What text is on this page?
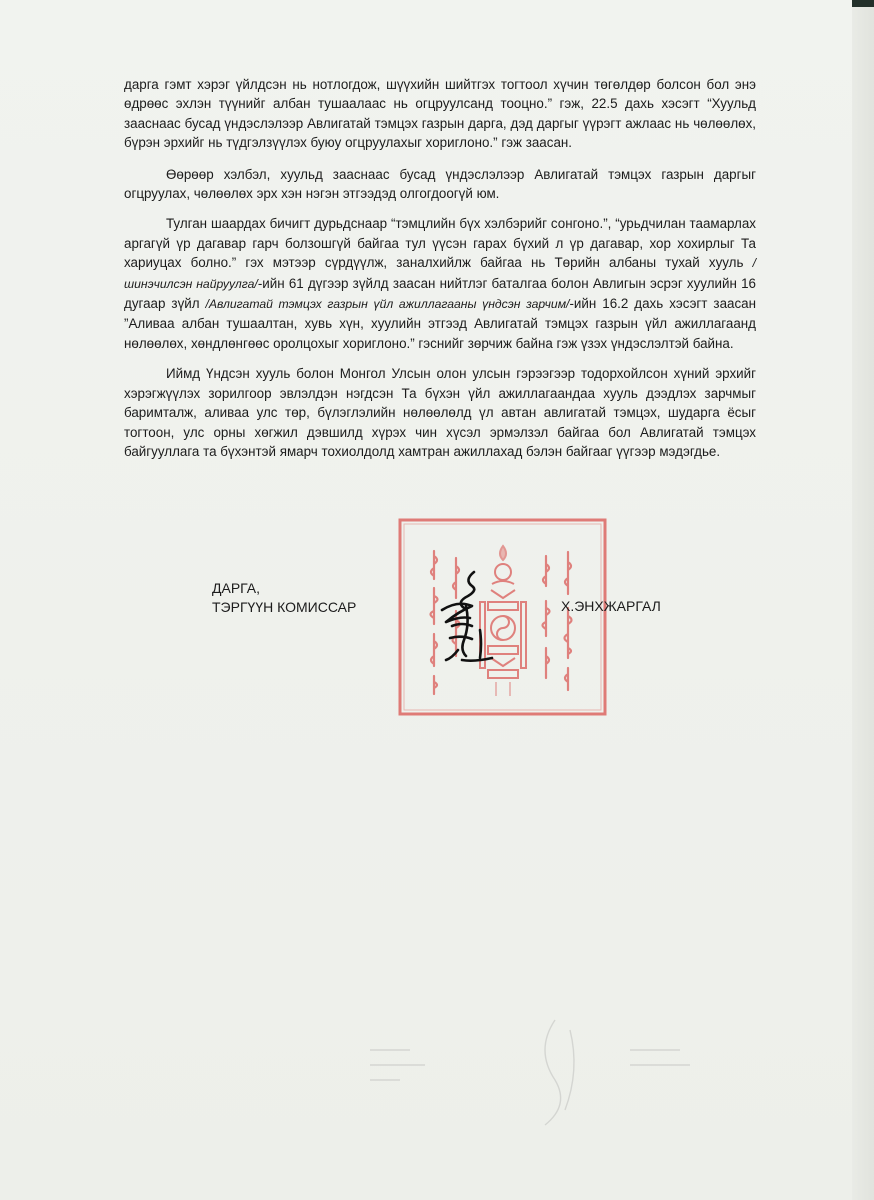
дарга гэмт хэрэг үйлдсэн нь нотлогдож, шүүхийн шийтгэх тогтоол хүчин төгөлдөр болсон бол энэ өдрөөс эхлэн түүнийг албан тушаалаас нь огцруулсанд тооцно.” гэж, 22.5 дахь хэсэгт “Хуульд зааснаас бусад үндэслэлээр Авлигатай тэмцэх газрын дарга, дэд даргыг үүрэгт ажлаас нь чөлөөлөх, бүрэн эрхийг нь түдгэлзүүлэх буюу огцруулахыг хориглоно.” гэж заасан.

Өөрөөр хэлбэл, хуульд зааснаас бусад үндэслэлээр Авлигатай тэмцэх газрын даргыг огцруулах, чөлөөлөх эрх хэн нэгэн этгээдэд олгогдоогүй юм.

Тулган шаардах бичигт дурьдснаар “тэмцлийн бүх хэлбэрийг сонгоно.”, “урьдчилан таамарлах аргагүй үр дагавар гарч болзошгүй байгаа тул үүсэн гарах бүхий л үр дагавар, хор хохирлыг Та хариуцах болно.” гэх мэтээр сүрдүүлж, заналхийлж байгаа нь Төрийн албаны тухай хууль /шинэчилсэн найруулга/-ийн 61 дүгээр зүйлд заасан нийтлэг баталгаа болон Авлигын эсрэг хуулийн 16 дугаар зүйл /Авлигатай тэмцэх газрын үйл ажиллагааны үндсэн зарчим/-ийн 16.2 дахь хэсэгт заасан ”Аливаа албан тушаалтан, хувь хүн, хуулийн этгээд Авлигатай тэмцэх газрын үйл ажиллагаанд нөлөөлөх, хөндлөнгөөс оролцохыг хориглоно.” гэснийг зөрчиж байна гэж үзэх үндэслэлтэй байна.

Иймд Үндсэн хууль болон Монгол Улсын олон улсын гэрээгээр тодорхойлсон хүний эрхийг хэрэгжүүлэх зорилгоор эвлэлдэн нэгдсэн Та бүхэн үйл ажиллагаандаа хууль дээдлэх зарчмыг баримталж, аливаа улс төр, бүлэглэлийн нөлөөлөлд үл автан авлигатай тэмцэх, шударга ёсыг тогтоон, улс орны хөгжил дэвшилд хүрэх чин хүсэл эрмэлзэл байгаа бол Авлигатай тэмцэх байгууллага та бүхэнтэй ямарч тохиолдолд хамтран ажиллахад бэлэн байгааг үүгээр мэдэгдье.

ДАРГА,
ТЭРГҮҮН КОМИССАР	Х.ЭНХЖАРГАЛ
